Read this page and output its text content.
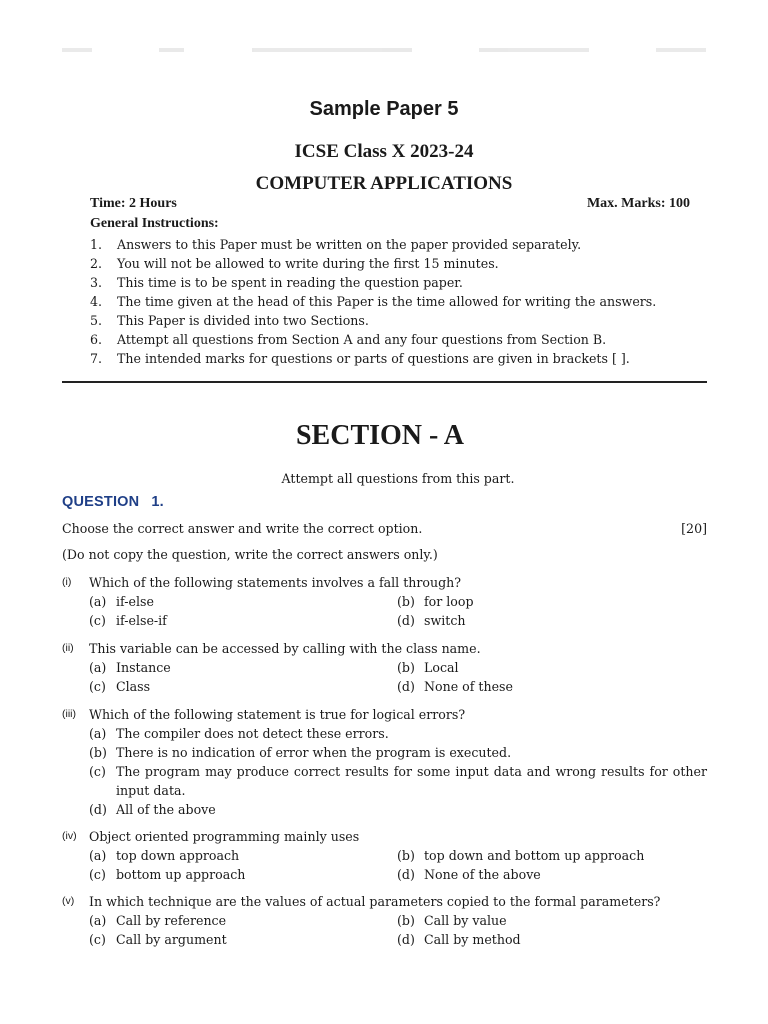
Sample Paper 5
ICSE Class X 2023-24
COMPUTER APPLICATIONS
Time: 2 Hours	Max. Marks: 100
General Instructions:
1.	Answers to this Paper must be written on the paper provided separately.
2.	You will not be allowed to write during the first 15 minutes.
3.	This time is to be spent in reading the question paper.
4.	The time given at the head of this Paper is the time allowed for writing the answers.
5.	This Paper is divided into two Sections.
6.	Attempt all questions from Section A and any four questions from Section B.
7.	The intended marks for questions or parts of questions are given in brackets [ ].
SECTION - A
Attempt all questions from this part.
QUESTION 1.
Choose the correct answer and write the correct option.	[20]
(Do not copy the question, write the correct answers only.)
(i)	Which of the following statements involves a fall through?
(a) if-else	(b) for loop
(c) if-else-if	(d) switch
(ii)	This variable can be accessed by calling with the class name.
(a) Instance	(b) Local
(c) Class	(d) None of these
(iii)	Which of the following statement is true for logical errors?
(a) The compiler does not detect these errors.
(b) There is no indication of error when the program is executed.
(c) The program may produce correct results for some input data and wrong results for other input data.
(d) All of the above
(iv) Object oriented programming mainly uses
(a) top down approach	(b) top down and bottom up approach
(c) bottom up approach	(d) None of the above
(v)	In which technique are the values of actual parameters copied to the formal parameters?
(a) Call by reference	(b) Call by value
(c) Call by argument	(d) Call by method
